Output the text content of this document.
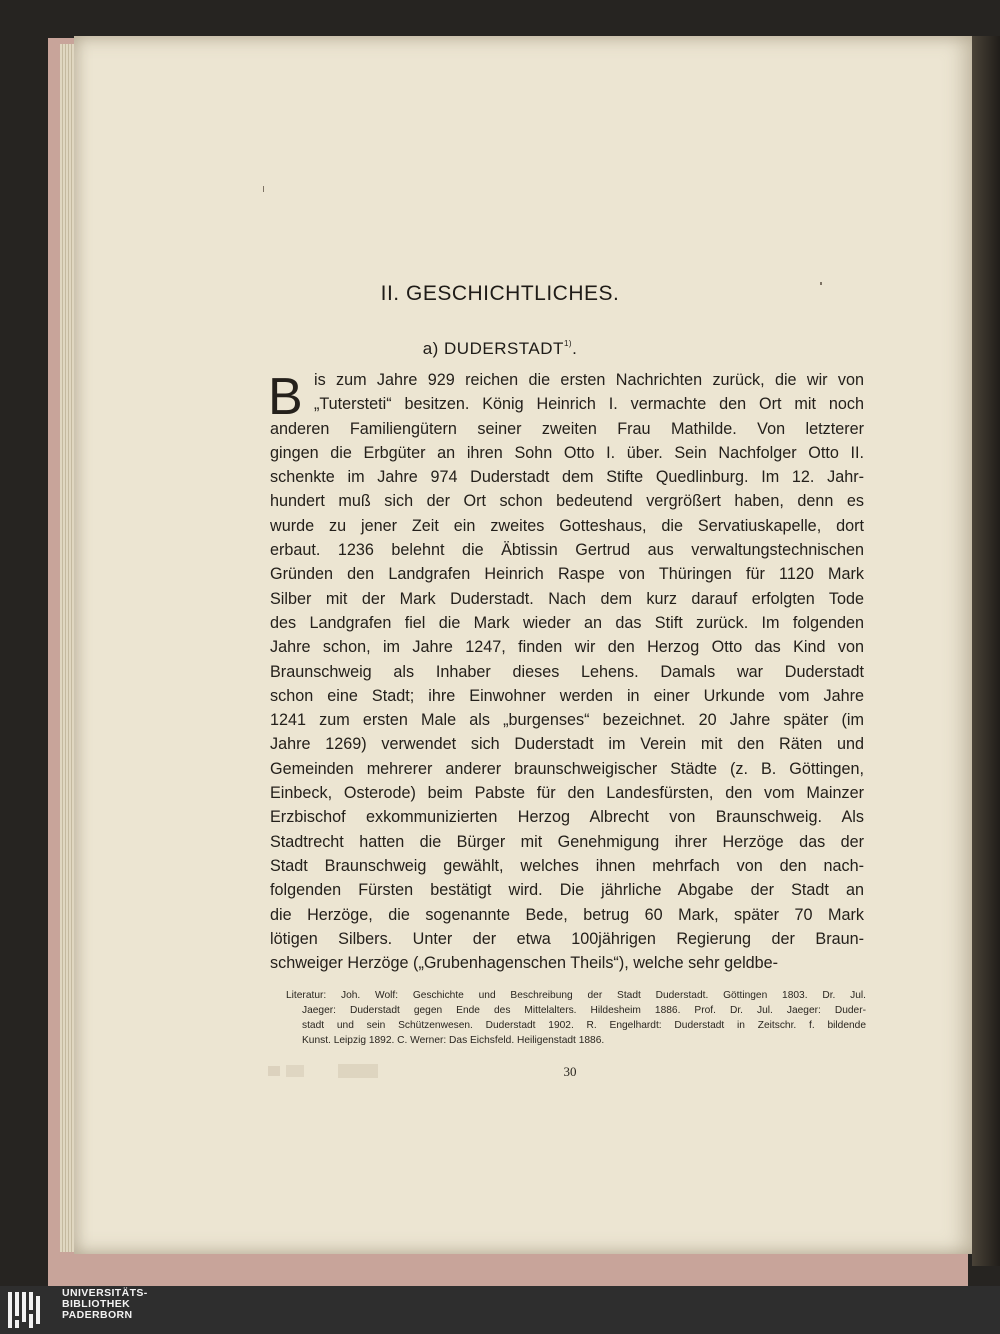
II. GESCHICHTLICHES.
a) DUDERSTADT$^{1)}$.
B is zum Jahre 929 reichen die ersten Nachrichten zurück, die wir von
„Tutersteti“ besitzen. König Heinrich I. vermachte den Ort mit noch
anderen Familiengütern seiner zweiten Frau Mathilde. Von letzterer
gingen die Erbgüter an ihren Sohn Otto I. über. Sein Nachfolger Otto II.
schenkte im Jahre 974 Duderstadt dem Stifte Quedlinburg. Im 12. Jahr-
hundert muß sich der Ort schon bedeutend vergrößert haben, denn es
wurde zu jener Zeit ein zweites Gotteshaus, die Servatiuskapelle, dort
erbaut. 1236 belehnt die Äbtissin Gertrud aus verwaltungstechnischen
Gründen den Landgrafen Heinrich Raspe von Thüringen für 1120 Mark
Silber mit der Mark Duderstadt. Nach dem kurz darauf erfolgten Tode
des Landgrafen fiel die Mark wieder an das Stift zurück. Im folgenden
Jahre schon, im Jahre 1247, finden wir den Herzog Otto das Kind von
Braunschweig als Inhaber dieses Lehens. Damals war Duderstadt
schon eine Stadt; ihre Einwohner werden in einer Urkunde vom Jahre
1241 zum ersten Male als „burgenses“ bezeichnet. 20 Jahre später (im
Jahre 1269) verwendet sich Duderstadt im Verein mit den Räten und
Gemeinden mehrerer anderer braunschweigischer Städte (z. B. Göttingen,
Einbeck, Osterode) beim Pabste für den Landesfürsten, den vom Mainzer
Erzbischof exkommunizierten Herzog Albrecht von Braunschweig. Als
Stadtrecht hatten die Bürger mit Genehmigung ihrer Herzöge das der
Stadt Braunschweig gewählt, welches ihnen mehrfach von den nach-
folgenden Fürsten bestätigt wird. Die jährliche Abgabe der Stadt an
die Herzöge, die sogenannte Bede, betrug 60 Mark, später 70 Mark
lötigen Silbers. Unter der etwa 100jährigen Regierung der Braun-
schweiger Herzöge („Grubenhagenschen Theils“), welche sehr geldbe-
Literatur: Joh. Wolf: Geschichte und Beschreibung der Stadt Duderstadt. Göttingen 1803. Dr. Jul.
Jaeger: Duderstadt gegen Ende des Mittelalters. Hildesheim 1886. Prof. Dr. Jul. Jaeger: Duder-
stadt und sein Schützenwesen. Duderstadt 1902. R. Engelhardt: Duderstadt in Zeitschr. f. bildende
Kunst. Leipzig 1892. C. Werner: Das Eichsfeld. Heiligenstadt 1886.
30
UNIVERSITÄTS-
BIBLIOTHEK
PADERBORN
